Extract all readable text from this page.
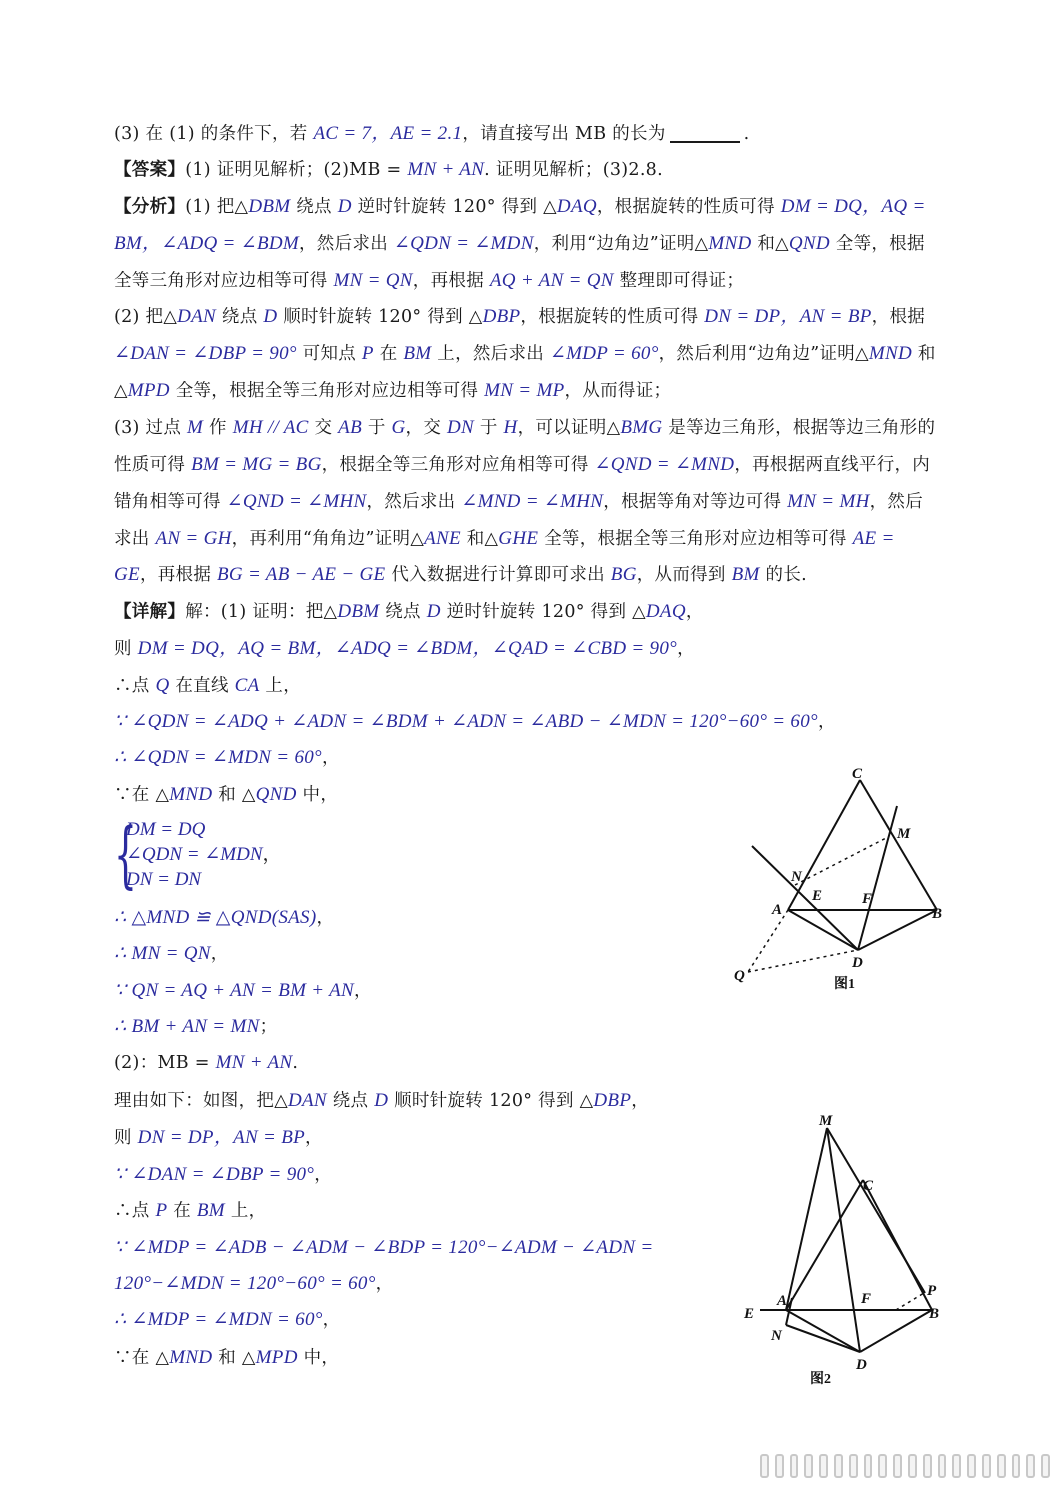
(3) 在 (1) 的条件下，若 AC = 7，AE = 2.1，请直接写出 MB 的长为	.
【答案】(1) 证明见解析；(2)MB = MN + AN. 证明见解析；(3)2.8.
【分析】(1) 把△DBM 绕点 D 逆时针旋转 120° 得到 △DAQ，根据旋转的性质可得 DM = DQ，AQ =
BM，∠ADQ = ∠BDM，然后求出 ∠QDN = ∠MDN，利用“边角边”证明△MND 和△QND 全等，根据
全等三角形对应边相等可得 MN = QN，再根据 AQ + AN = QN 整理即可得证；
(2) 把△DAN 绕点 D 顺时针旋转 120° 得到 △DBP，根据旋转的性质可得 DN = DP，AN = BP，根据
∠DAN = ∠DBP = 90° 可知点 P 在 BM 上，然后求出 ∠MDP = 60°，然后利用“边角边”证明△MND 和
△MPD 全等，根据全等三角形对应边相等可得 MN = MP，从而得证；
(3) 过点 M 作 MH // AC 交 AB 于 G，交 DN 于 H，可以证明△BMG 是等边三角形，根据等边三角形的
性质可得 BM = MG = BG，根据全等三角形对应角相等可得 ∠QND = ∠MND，再根据两直线平行，内
错角相等可得 ∠QND = ∠MHN，然后求出 ∠MND = ∠MHN，根据等角对等边可得 MN = MH，然后
求出 AN = GH，再利用“角角边”证明△ANE 和△GHE 全等，根据全等三角形对应边相等可得 AE =
GE，再根据 BG = AB − AE − GE 代入数据进行计算即可求出 BG，从而得到 BM 的长.
【详解】解：(1) 证明：把△DBM 绕点 D 逆时针旋转 120° 得到 △DAQ，
则 DM = DQ，AQ = BM，∠ADQ = ∠BDM，∠QAD = ∠CBD = 90°，
∴点 Q 在直线 CA 上，
∵ ∠QDN = ∠ADQ + ∠ADN = ∠BDM + ∠ADN = ∠ABD − ∠MDN = 120°−60° = 60°，
∴ ∠QDN = ∠MDN = 60°，
∵在 △MND 和 △QND 中，
{
DM = DQ
∠QDN = ∠MDN，
DN = DN
∴ △MND ≌ △QND(SAS)，
∴ MN = QN，
∵ QN = AQ + AN = BM + AN，
∴ BM + AN = MN；
(2)：MB = MN + AN.
理由如下：如图，把△DAN 绕点 D 顺时针旋转 120° 得到 △DBP，
则 DN = DP，AN = BP，
∵ ∠DAN = ∠DBP = 90°，
∴点 P 在 BM 上，
∵ ∠MDP = ∠ADB − ∠ADM − ∠BDP = 120°−∠ADM − ∠ADN =
120°−∠MDN = 120°−60° = 60°，
∴ ∠MDP = ∠MDN = 60°，
∵在 △MND 和 △MPD 中，
C
M
N
E	F
A	B
D
Q
图1
M
C
E
A	F	P
B
N
D
图2
